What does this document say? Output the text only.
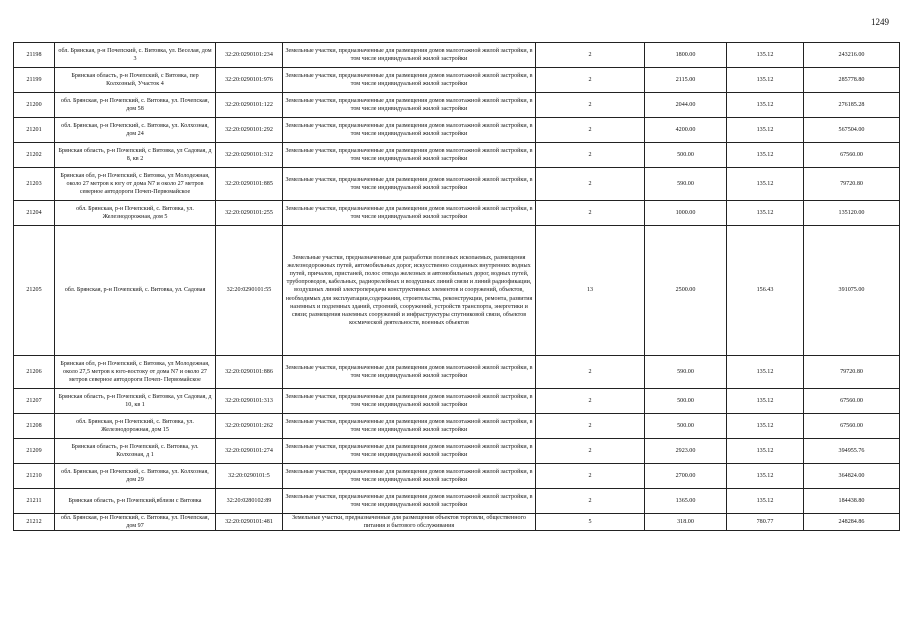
1249
21198	обл. Брянская, р-н Почепский, с. Витовка, ул. Веселая, дом 3	32:20:0290101:234	Земельные участки, предназначенные для размещения домов малоэтажной жилой застройки, в том числе индивидуальной жилой застройки	2	1800.00	135.12	243216.00
21199	Брянская область, р-н Почепский, с Витовка, пер Колхозный, Участок 4	32:20:0290101:976	Земельные участки, предназначенные для размещения домов малоэтажной жилой застройки, в том числе индивидуальной жилой застройки	2	2115.00	135.12	285778.80
21200	обл. Брянская, р-н Почепский, с. Витовка, ул. Почепская, дом 58	32:20:0290101:122	Земельные участки, предназначенные для размещения домов малоэтажной жилой застройки, в том числе индивидуальной жилой застройки	2	2044.00	135.12	276185.28
21201	обл. Брянская, р-н Почепский, с. Витовка, ул. Колхозная, дом 24	32:20:0290101:292	Земельные участки, предназначенные для размещения домов малоэтажной жилой застройки, в том числе индивидуальной жилой застройки	2	4200.00	135.12	567504.00
21202	Брянская область, р-н Почепский, с Витовка, ул Садовая, д 8, кв 2	32:20:0290101:312	Земельные участки, предназначенные для размещения домов малоэтажной жилой застройки, в том числе индивидуальной жилой застройки	2	500.00	135.12	67560.00
21203	Брянская обл, р-н Почепский, с Витовка, ул Молодежная, около 27 метров к югу от дома N7 и около 27 метров северное автодороги Почеп-Первомайское	32:20:0290101:885	Земельные участки, предназначенные для размещения домов малоэтажной жилой застройки, в том числе индивидуальной жилой застройки	2	590.00	135.12	79720.80
21204	обл. Брянская, р-н Почепский, с. Витовка, ул. Железнодорожная, дом 5	32:20:0290101:255	Земельные участки, предназначенные для размещения домов малоэтажной жилой застройки, в том числе индивидуальной жилой застройки	2	1000.00	135.12	135120.00
21205	обл. Брянская, р-н Почепский, с. Витовка, ул. Садовая	32:20:0290101:55	Земельные участки, предназначенные для разработки полезных ископаемых, размещения железнодорожных путей, автомобильных дорог, искусственно созданных внутренних водных путей, причалов, пристаней, полос отвода железных и автомобильных дорог, водных путей, трубопроводов, кабельных, радиорелейных и воздушных линий связи и линий радиофикации, воздушных линий электропередачи конструктивных элементов и сооружений, объектов, необходимых для эксплуатации,содержания, строительства, реконструкции, ремонта, развития наземных и подземных зданий, строений, сооружений, устройств транспорта, энергетики и связи; размещения наземных сооружений и инфраструктуры спутниковой связи, объектов космической деятельности, военных объектов	13	2500.00	156.43	391075.00
21206	Брянская обл, р-н Почепский, с Витовка, ул Молодежная, около 27,5 метров к юго-востоку от дома N7 и около 27 метров северное автодороги Почеп- Первомайское	32:20:0290101:886	Земельные участки, предназначенные для размещения домов малоэтажной жилой застройки, в том числе индивидуальной жилой застройки	2	590.00	135.12	79720.80
21207	Брянская область, р-н Почепский, с Витовка, ул Садовая, д 10, кв 1	32:20:0290101:313	Земельные участки, предназначенные для размещения домов малоэтажной жилой застройки, в том числе индивидуальной жилой застройки	2	500.00	135.12	67560.00
21208	обл. Брянская, р-н Почепский, с. Витовка, ул. Железнодорожная, дом 15	32:20:0290101:262	Земельные участки, предназначенные для размещения домов малоэтажной жилой застройки, в том числе индивидуальной жилой застройки	2	500.00	135.12	67560.00
21209	Брянская область, р-н Почепский, с. Витовка, ул. Колхозная, д 1	32:20:0290101:274	Земельные участки, предназначенные для размещения домов малоэтажной жилой застройки, в том числе индивидуальной жилой застройки	2	2923.00	135.12	394955.76
21210	обл. Брянская, р-н Почепский, с. Витовка, ул. Колхозная, дом 29	32:20:0290101:5	Земельные участки, предназначенные для размещения домов малоэтажной жилой застройки, в том числе индивидуальной жилой застройки	2	2700.00	135.12	364824.00
21211	Брянская область, р-н Почепский,вблизи с Витовка	32:20:0280102:89	Земельные участки, предназначенные для размещения домов малоэтажной жилой застройки, в том числе индивидуальной жилой застройки	2	1365.00	135.12	184438.80
21212	обл. Брянская, р-н Почепский, с. Витовка, ул. Почепская, дом 97	32:20:0290101:481	Земельные участки, предназначенные для размещения объектов торговли, общественного питания и бытового обслуживания	5	318.00	780.77	248284.86
